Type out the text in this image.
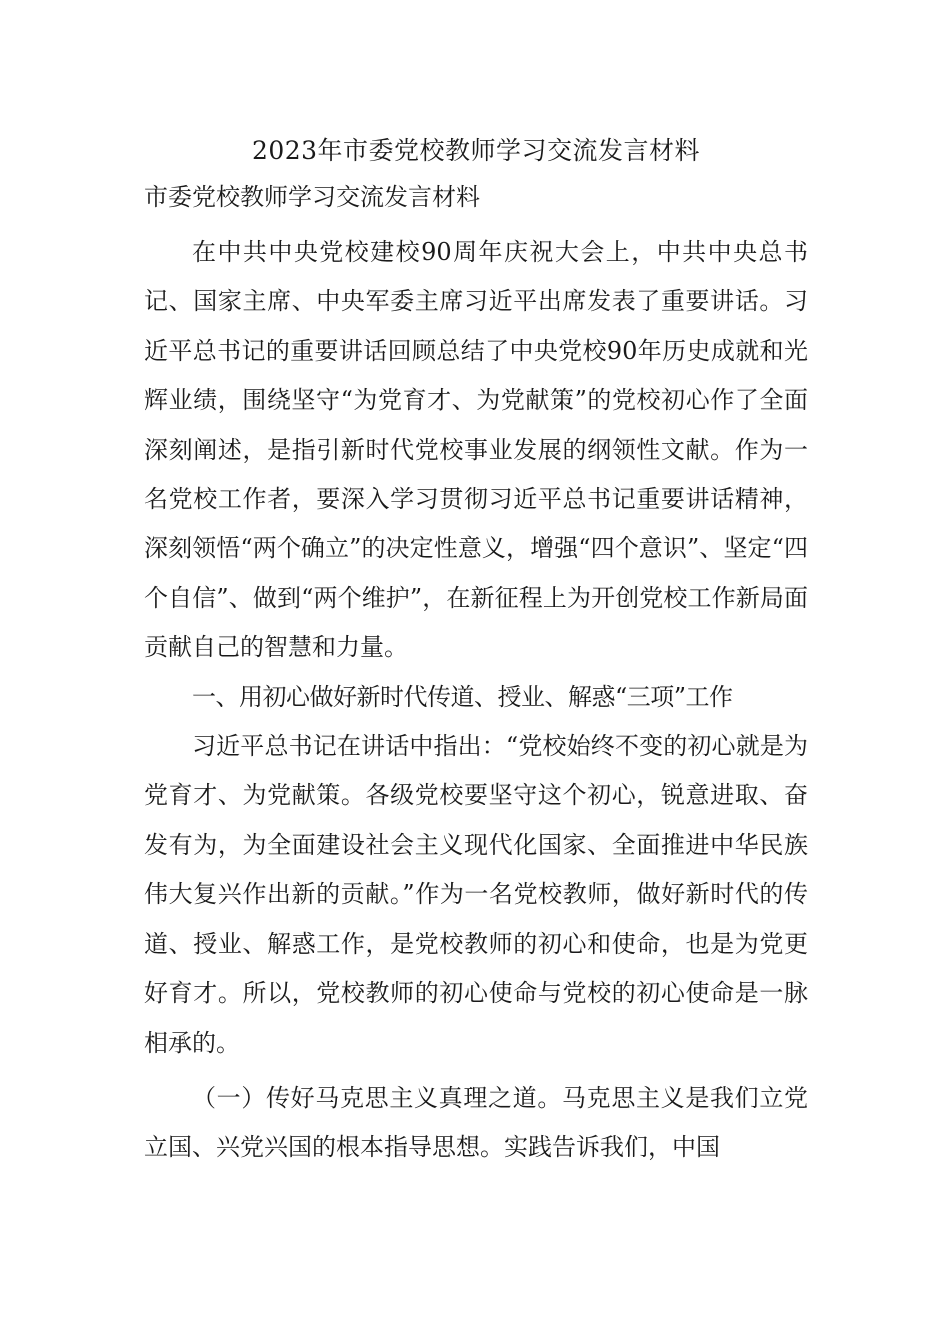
2023年市委党校教师学习交流发言材料
市委党校教师学习交流发言材料

在中共中央党校建校90周年庆祝大会上，中共中央总书记、国家主席、中央军委主席习近平出席发表了重要讲话。习近平总书记的重要讲话回顾总结了中央党校90年历史成就和光辉业绩，围绕坚守“为党育才、为党献策”的党校初心作了全面深刻阐述，是指引新时代党校事业发展的纲领性文献。作为一名党校工作者，要深入学习贯彻习近平总书记重要讲话精神，深刻领悟“两个确立”的决定性意义，增强“四个意识”、坚定“四个自信”、做到“两个维护”，在新征程上为开创党校工作新局面贡献自己的智慧和力量。

一、用初心做好新时代传道、授业、解惑“三项”工作

习近平总书记在讲话中指出：“党校始终不变的初心就是为党育才、为党献策。各级党校要坚守这个初心，锐意进取、奋发有为，为全面建设社会主义现代化国家、全面推进中华民族伟大复兴作出新的贡献。”作为一名党校教师，做好新时代的传道、授业、解惑工作，是党校教师的初心和使命，也是为党更好育才。所以，党校教师的初心使命与党校的初心使命是一脉相承的。

（一）传好马克思主义真理之道。马克思主义是我们立党立国、兴党兴国的根本指导思想。实践告诉我们，中国
